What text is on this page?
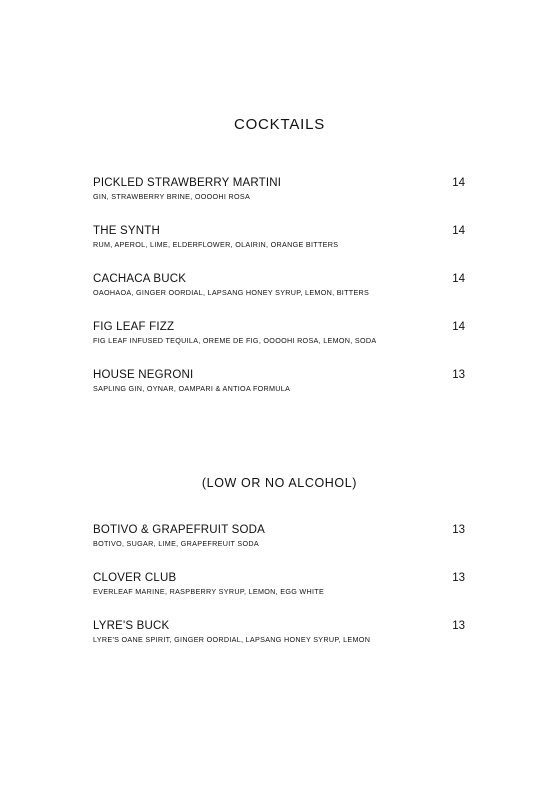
COCKTAILS
PICKLED STRAWBERRY MARTINI	14
GIN, STRAWBERRY BRINE, OOOOHI ROSA
THE SYNTH	14
RUM, APEROL, LIME, ELDERFLOWER, OLAIRIN, ORANGE BITTERS
CACHACA BUCK	14
OAOHAOA, GINGER OORDIAL, LAPSANG HONEY SYRUP, LEMON, BITTERS
FIG LEAF FIZZ	14
FIG LEAF INFUSED TEQUILA, OREME DE FIG, OOOOHI ROSA, LEMON, SODA
HOUSE NEGRONI	13
SAPLING GIN, OYNAR, OAMPARI & ANTIOA FORMULA
(LOW OR NO ALCOHOL)
BOTIVO & GRAPEFRUIT SODA	13
BOTIVO, SUGAR, LIME, GRAPEFREUIT SODA
CLOVER CLUB	13
EVERLEAF MARINE, RASPBERRY SYRUP, LEMON, EGG WHITE
LYRE'S BUCK	13
LYRE'S OANE SPIRIT, GINGER OORDIAL, LAPSANG HONEY SYRUP, LEMON
